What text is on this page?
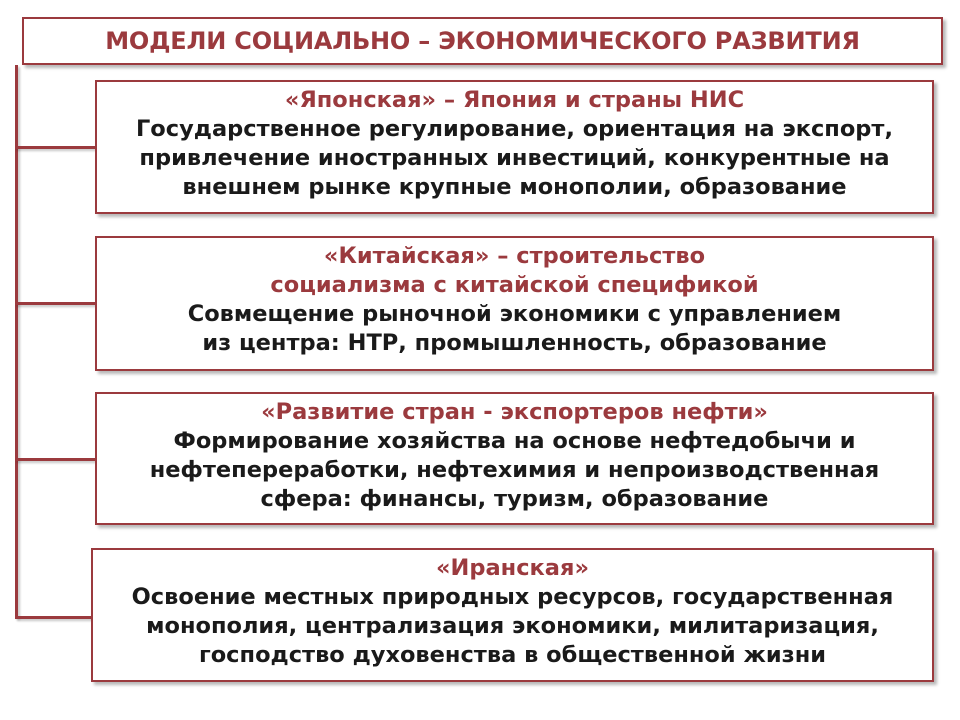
МОДЕЛИ СОЦИАЛЬНО – ЭКОНОМИЧЕСКОГО РАЗВИТИЯ
«Японская» – Япония и страны НИС
Государственное регулирование, ориентация на экспорт, привлечение иностранных инвестиций, конкурентные на внешнем рынке крупные монополии, образование
«Китайская» – строительство социализма с китайской спецификой
Совмещение рыночной экономики с управлением из центра: НТР, промышленность, образование
«Развитие стран - экспортеров нефти»
Формирование хозяйства на основе нефтедобычи и нефтепереработки, нефтехимия и непроизводственная сфера: финансы, туризм, образование
«Иранская»
Освоение местных природных ресурсов, государственная монополия, централизация экономики, милитаризация, господство духовенства в общественной жизни
